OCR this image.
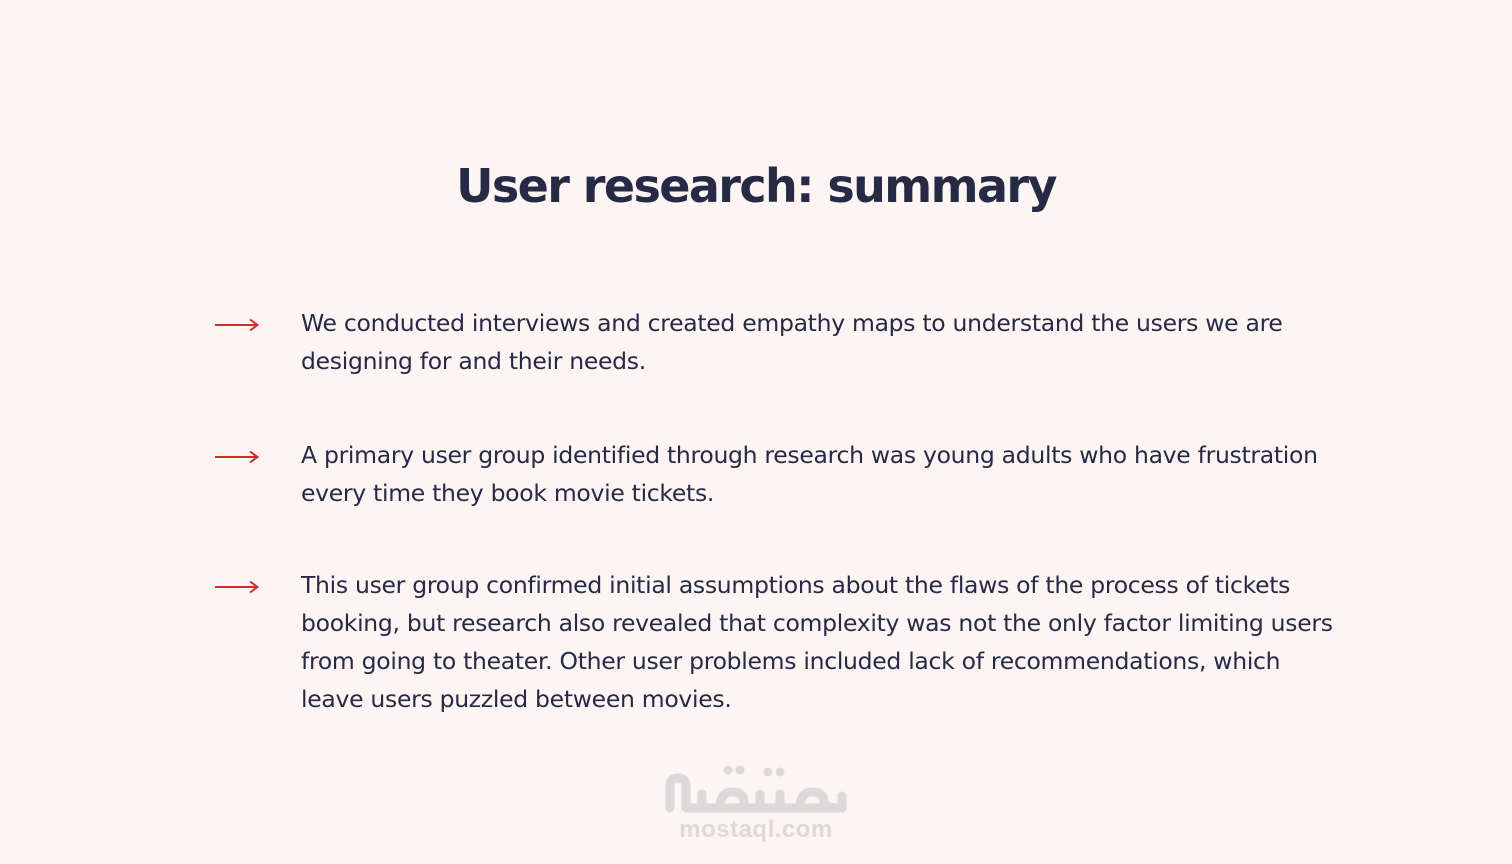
User research: summary

We conducted interviews and created empathy maps to understand the users we are designing for and their needs.

A primary user group identified through research was young adults who have frustration every time they book movie tickets.

This user group confirmed initial assumptions about the flaws of the process of tickets booking, but research also revealed that complexity was not the only factor limiting users from going to theater. Other user problems included lack of recommendations, which leave users puzzled between movies.

mostaql.com
